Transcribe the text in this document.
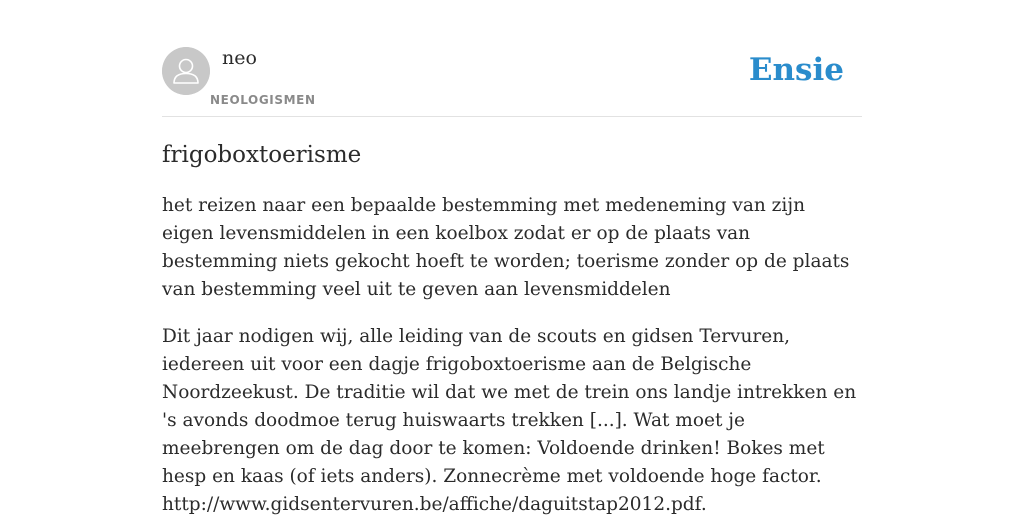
neo
NEOLOGISMEN
Ensie
frigoboxtoerisme

het reizen naar een bepaalde bestemming met medeneming van zijn eigen levensmiddelen in een koelbox zodat er op de plaats van bestemming niets gekocht hoeft te worden; toerisme zonder op de plaats van bestemming veel uit te geven aan levensmiddelen

Dit jaar nodigen wij, alle leiding van de scouts en gidsen Tervuren, iedereen uit voor een dagje frigoboxtoerisme aan de Belgische Noordzeekust. De traditie wil dat we met de trein ons landje intrekken en 's avonds doodmoe terug huiswaarts trekken [...]. Wat moet je meebrengen om de dag door te komen: Voldoende drinken! Bokes met hesp en kaas (of iets anders). Zonnecrème met voldoende hoge factor.
http://www.gidsentervuren.be/affiche/daguitstap2012.pdf.
